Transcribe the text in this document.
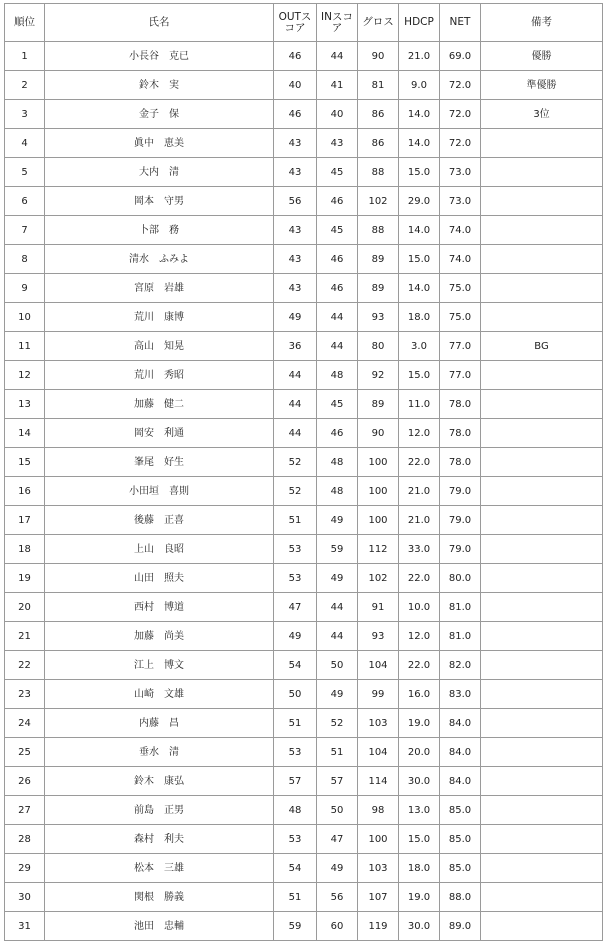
順位	氏名	OUTスコア	INスコア	グロス	HDCP	NET	備考
1	小長谷　克已	46	44	90	21.0	69.0	優勝
2	鈴木　実	40	41	81	9.0	72.0	準優勝
3	金子　保	46	40	86	14.0	72.0	3位
4	眞中　恵美	43	43	86	14.0	72.0	
5	大内　清	43	45	88	15.0	73.0	
6	岡本　守男	56	46	102	29.0	73.0	
7	卜部　務	43	45	88	14.0	74.0	
8	清水　ふみよ	43	46	89	15.0	74.0	
9	宮原　岩雄	43	46	89	14.0	75.0	
10	荒川　康博	49	44	93	18.0	75.0	
11	高山　知晃	36	44	80	3.0	77.0	BG
12	荒川　秀昭	44	48	92	15.0	77.0	
13	加藤　健二	44	45	89	11.0	78.0	
14	岡安　利通	44	46	90	12.0	78.0	
15	峯尾　好生	52	48	100	22.0	78.0	
16	小田垣　喜則	52	48	100	21.0	79.0	
17	後藤　正喜	51	49	100	21.0	79.0	
18	上山　良昭	53	59	112	33.0	79.0	
19	山田　照夫	53	49	102	22.0	80.0	
20	西村　博道	47	44	91	10.0	81.0	
21	加藤　尚美	49	44	93	12.0	81.0	
22	江上　博文	54	50	104	22.0	82.0	
23	山崎　文雄	50	49	99	16.0	83.0	
24	内藤　昌	51	52	103	19.0	84.0	
25	垂水　清	53	51	104	20.0	84.0	
26	鈴木　康弘	57	57	114	30.0	84.0	
27	前島　正男	48	50	98	13.0	85.0	
28	森村　利夫	53	47	100	15.0	85.0	
29	松本　三雄	54	49	103	18.0	85.0	
30	関根　勝義	51	56	107	19.0	88.0	
31	池田　忠輔	59	60	119	30.0	89.0	
